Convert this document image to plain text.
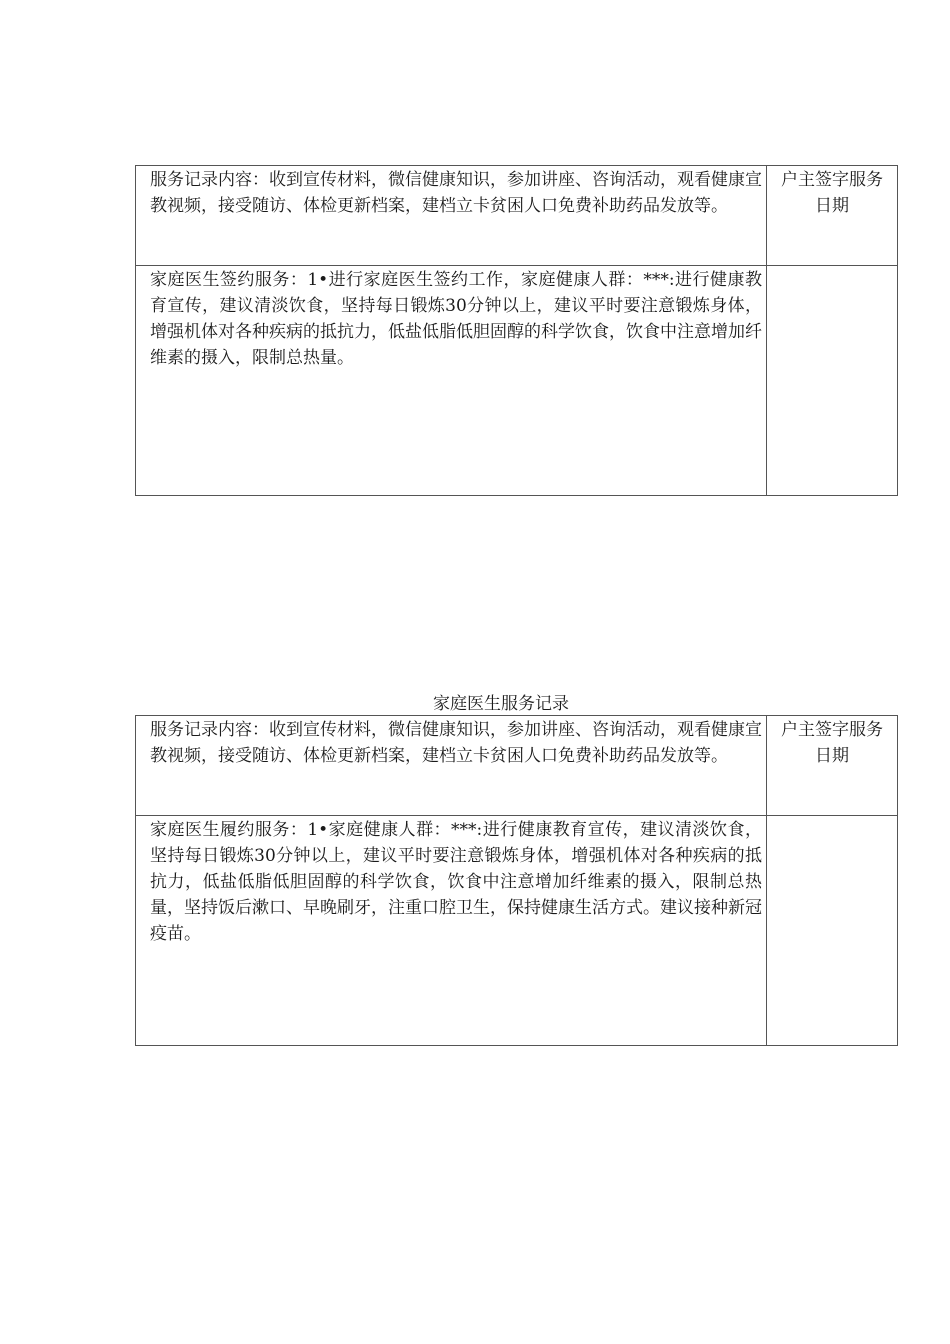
服务记录内容：收到宣传材料，微信健康知识，参加讲座、咨询活动，观看健康宣教视频，接受随访、体检更新档案，建档立卡贫困人口免费补助药品发放等。	户主签字服务日期
家庭医生签约服务：1•进行家庭医生签约工作，家庭健康人群：***:进行健康教育宣传，建议清淡饮食，坚持每日锻炼30分钟以上，建议平时要注意锻炼身体，增强机体对各种疾病的抵抗力，低盐低脂低胆固醇的科学饮食，饮食中注意增加纤维素的摄入，限制总热量。	
家庭医生服务记录
服务记录内容：收到宣传材料，微信健康知识，参加讲座、咨询活动，观看健康宣教视频，接受随访、体检更新档案，建档立卡贫困人口免费补助药品发放等。	户主签字服务日期
家庭医生履约服务：1•家庭健康人群：***:进行健康教育宣传，建议清淡饮食，坚持每日锻炼30分钟以上，建议平时要注意锻炼身体，增强机体对各种疾病的抵抗力，低盐低脂低胆固醇的科学饮食，饮食中注意增加纤维素的摄入，限制总热量，坚持饭后漱口、早晚刷牙，注重口腔卫生，保持健康生活方式。建议接种新冠疫苗。	
